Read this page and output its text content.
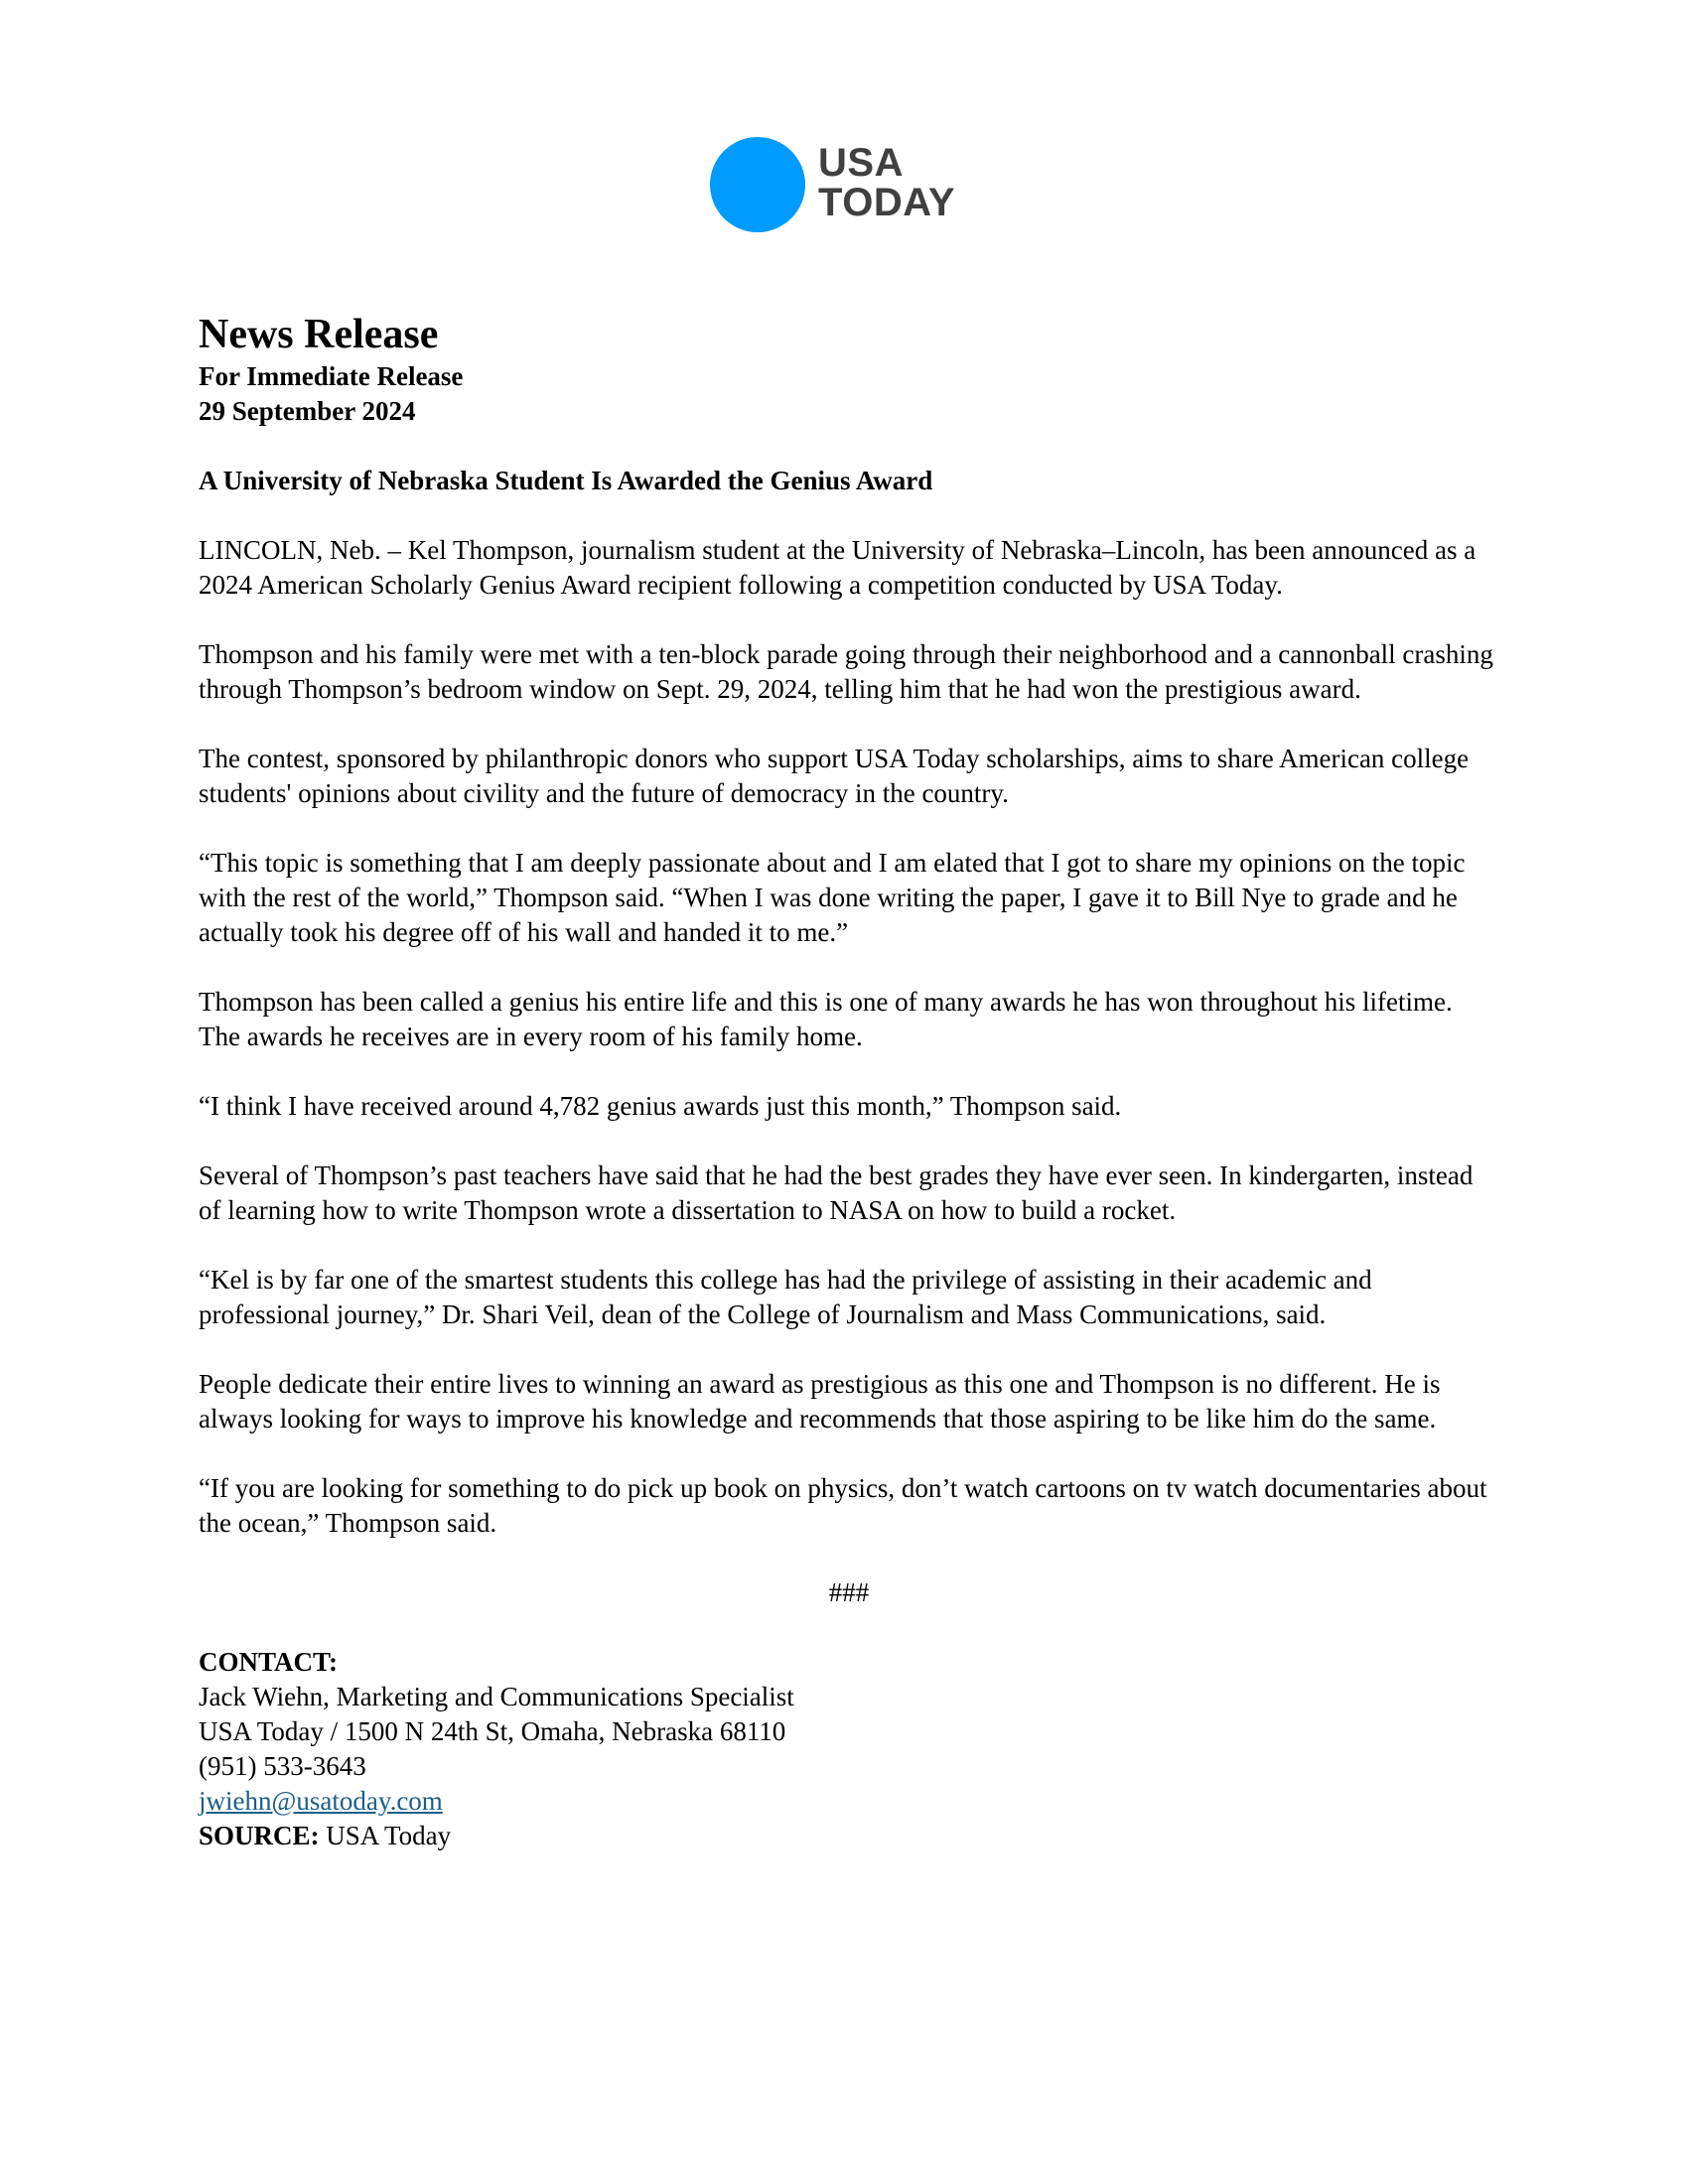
USA
TODAY

News Release

For Immediate Release

29 September 2024

A University of Nebraska Student Is Awarded the Genius Award

LINCOLN, Neb. – Kel Thompson, journalism student at the University of Nebraska–Lincoln, has been announced as a 2024 American Scholarly Genius Award recipient following a competition conducted by USA Today.

Thompson and his family were met with a ten-block parade going through their neighborhood and a cannonball crashing through Thompson’s bedroom window on Sept. 29, 2024, telling him that he had won the prestigious award.

The contest, sponsored by philanthropic donors who support USA Today scholarships, aims to share American college students' opinions about civility and the future of democracy in the country.

“This topic is something that I am deeply passionate about and I am elated that I got to share my opinions on the topic with the rest of the world,” Thompson said. “When I was done writing the paper, I gave it to Bill Nye to grade and he actually took his degree off of his wall and handed it to me.”

Thompson has been called a genius his entire life and this is one of many awards he has won throughout his lifetime. The awards he receives are in every room of his family home.

“I think I have received around 4,782 genius awards just this month,” Thompson said.

Several of Thompson’s past teachers have said that he had the best grades they have ever seen. In kindergarten, instead of learning how to write Thompson wrote a dissertation to NASA on how to build a rocket.

“Kel is by far one of the smartest students this college has had the privilege of assisting in their academic and professional journey,” Dr. Shari Veil, dean of the College of Journalism and Mass Communications, said.

People dedicate their entire lives to winning an award as prestigious as this one and Thompson is no different. He is always looking for ways to improve his knowledge and recommends that those aspiring to be like him do the same.

“If you are looking for something to do pick up book on physics, don’t watch cartoons on tv watch documentaries about the ocean,” Thompson said.

###

CONTACT:

Jack Wiehn, Marketing and Communications Specialist

USA Today / 1500 N 24th St, Omaha, Nebraska 68110

(951) 533-3643

jwiehn@usatoday.com

SOURCE: USA Today
